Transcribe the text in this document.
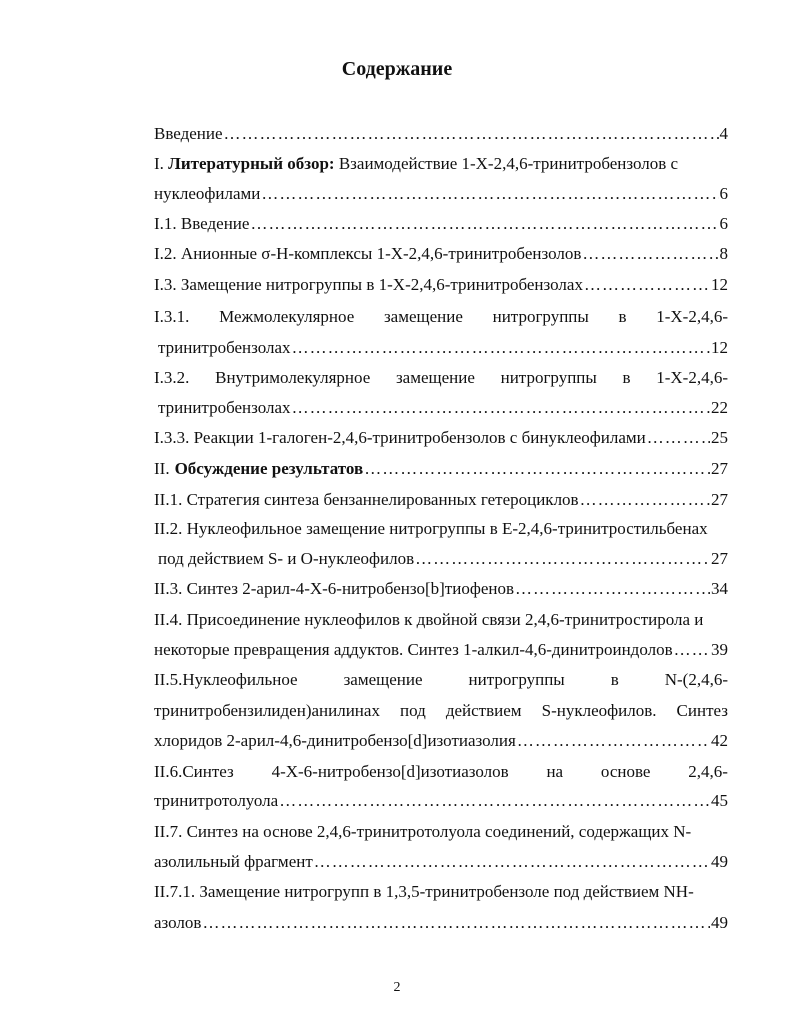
Содержание
Введение ………………………………………………………………………………………………………………………………	4
I. Литературный обзор: Взаимодействие 1-X-2,4,6-тринитробензолов с
нуклеофилами ………………………………………………………………………………………………………………………………	6
I.1. Введение ………………………………………………………………………………………………………………………………	6
I.2. Анионные σ-H-комплексы 1-X-2,4,6-тринитробензолов ………………………………………………………………………………………………………………………………	8
I.3. Замещение нитрогруппы в 1-X-2,4,6-тринитробензолах ………………………………………………………………………………………………………………………………	12
I.3.1. Межмолекулярное замещение нитрогруппы в 1-X-2,4,6-
тринитробензолах ………………………………………………………………………………………………………………………………	12
I.3.2. Внутримолекулярное замещение нитрогруппы в 1-X-2,4,6-
тринитробензолах ………………………………………………………………………………………………………………………………	22
I.3.3. Реакции 1-галоген-2,4,6-тринитробензолов с бинуклеофилами ………………………………………………………………………………………………………………………………	25
II. Обсуждение результатов ………………………………………………………………………………………………………………………………	27
II.1. Стратегия синтеза бензаннелированных гетероциклов ………………………………………………………………………………………………………………………………	27
II.2. Нуклеофильное замещение нитрогруппы в E-2,4,6-тринитростильбенах
под действием S- и O-нуклеофилов ………………………………………………………………………………………………………………………………	27
II.3. Синтез 2-арил-4-X-6-нитробензо[b]тиофенов ………………………………………………………………………………………………………………………………	34
II.4. Присоединение нуклеофилов к двойной связи 2,4,6-тринитростирола и
некоторые превращения аддуктов. Синтез 1-алкил-4,6-динитроиндолов ……………………………………………………………………………………………………………………………… 39
II.5.Нуклеофильное	замещение	нитрогруппы	в	N-(2,4,6-
тринитробензилиден)анилинах под действием S-нуклеофилов. Синтез
хлоридов 2-арил-4,6-динитробензо[d]изотиазолия ………………………………………………………………………………………………………………………………	42
II.6.Синтез 4-X-6-нитробензо[d]изотиазолов на основе 2,4,6-
тринитротолуола ………………………………………………………………………………………………………………………………	45
II.7. Синтез на основе 2,4,6-тринитротолуола соединений, содержащих N-
азолильный фрагмент ………………………………………………………………………………………………………………………………	49
II.7.1. Замещение нитрогрупп в 1,3,5-тринитробензоле под действием NH-
азолов ………………………………………………………………………………………………………………………………	49
2
